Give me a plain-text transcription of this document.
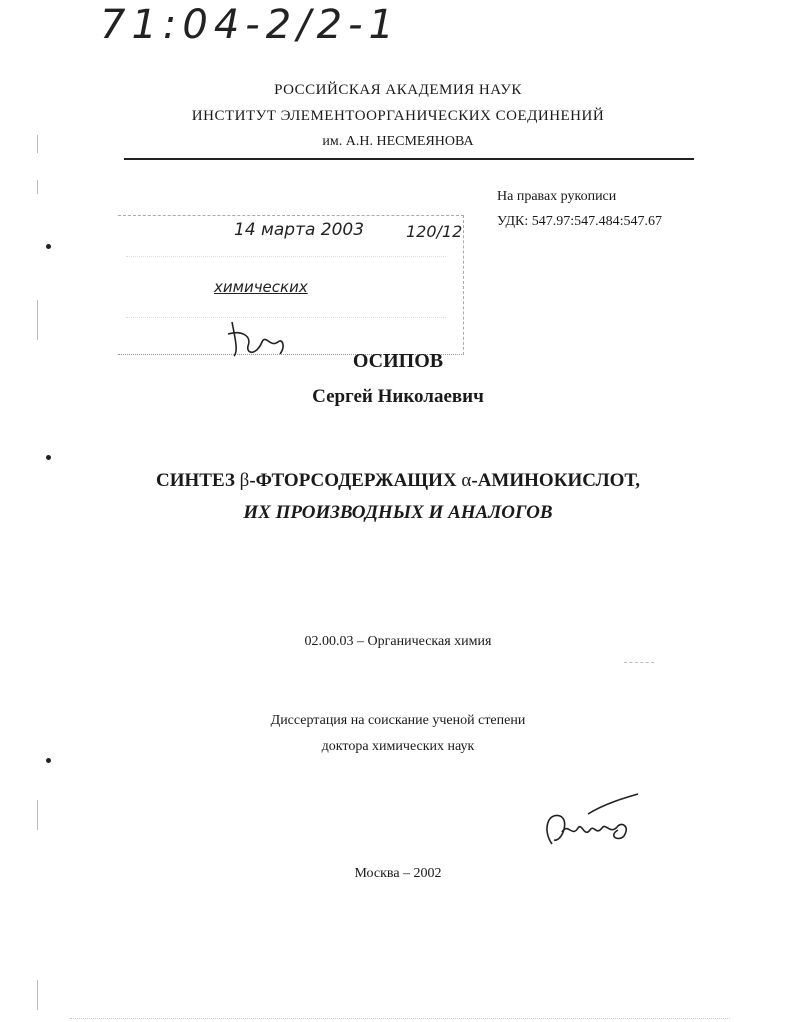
71:04-2/2-1
РОССИЙСКАЯ АКАДЕМИЯ НАУК
ИНСТИТУТ ЭЛЕМЕНТООРГАНИЧЕСКИХ СОЕДИНЕНИЙ
им. А.Н. НЕСМЕЯНОВА
На правах рукописи
УДК: 547.97:547.484:547.67
14 марта 2003	120/12
химических
ОСИПОВ
Сергей Николаевич
СИНТЕЗ β-ФТОРСОДЕРЖАЩИХ α-АМИНОКИСЛОТ,
ИХ ПРОИЗВОДНЫХ И АНАЛОГОВ
02.00.03 – Органическая химия
Диссертация на соискание ученой степени
доктора химических наук
Москва – 2002
